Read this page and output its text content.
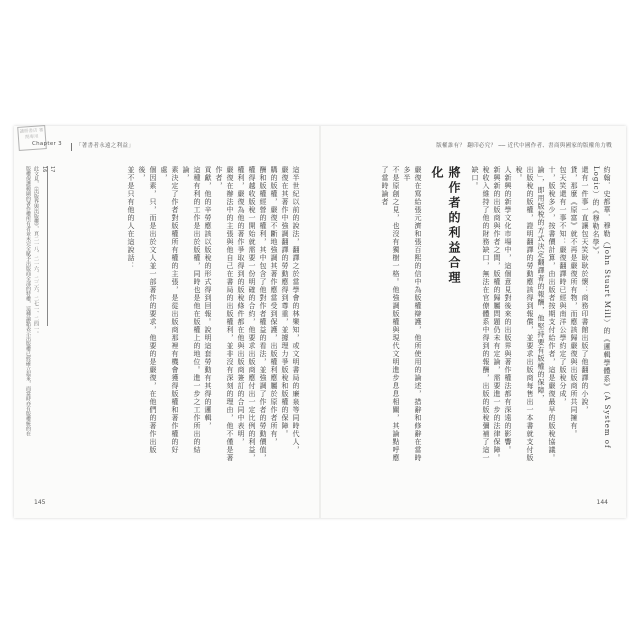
讀冊書店 審閱專用
Chapter 3	「著書者永遠之利益」
這半世紀以前的說法，翻譯之於當學會的林樂知，或文明書局的廉泉等同時代人，
嚴復在其著作中強調翻譯的勞動應得到尊重，並據理力爭版稅和版權的保障。
購的版權，嚴復不斷地強調其著作應當受到保護，出版權利應屬於原作者所有，
酬和版權經營的權利，其中包含了他對作者權益的看法，並強調了作者的勞動價值，
權得越收版稅一開始就需要一份明確的合約，他要求出版商應付出一定比例的利益，
權利，嚴復為他的著作爭取得到的版稅條件都在他與出版商簽訂的合同中表明，
嚴復在辦法中的主張與他自己在書局的出版權利，並非沒有深刻的理由，他不僅是著作者，
貢獻，他的辛勞應該以版稅的形式得到回報。說明這套勞動有其得的邏輯，
這種有利的工作是出於版權，同時也是他在版權上的地位。進一步之工作所出的結論，
素決定了作者對版權所有權的主張，是從出版商那裡有機會獲得版權和著作權的好處，
個因素，只，而是出於文人並一部著作的要求，他要的是嚴復，在他們的著作出版後，
並不是只有他的人在這說話：
17
16
此文見，《出版界與出版權》，頁二一八、二一六、二二六、二七一、二四一。
版權保護範圍的著作權所有者並未完全賦予出版商全部的特權，這種論點表示出版權已經確立起來，而當時亦有版權統的在
145
版權誰有？ 翻印必究？ ── 近代中國作者、書商與國家的版權角力戰
約翰．史都華．穆勒（John Stuart Mill）的《邏輯學體系》（A System of Logic）的《穆勒名學》，
還有一件事一直讓包天笑耿耿於懷：商務印書館出版了他翻譯的小說，
貸，那麼《原富》就不再是嚴復所有物，而應該歸嚴復與出版商所共同擁有。
包天笑還有一事不知：嚴復翻譯時已經與南洋公學約定了版稅分成，
十，版稅多少，按書價計算，由出版者按期支付給作者，這是嚴復最早的版稅協議。
論」，即用版稅的方式決定翻譯者的報酬，他堅持要有版權的保障，
出版稅的版權，證明翻譯的勞動應該得到報償，並要求出版商每售出一本書就支付版稅。
人新興的新學文化市場中，這個意見對後來的出版界與著作權法都有深遠的影響。
新興新的出版商與作者之間，版權的歸屬問題仍未有定論，需要進一步的法律保障。
稅收入維持了他的財務缺口，無法在官僚體系中得到的報酬，出版的版稅彌補了這一缺口。
將作者的利益合理化
嚴復在寫給張元濟和張百熙的信中為版權辯護，他所使用的論述，措辭和修辭在當時多半
不是原創之見，也沒有獨樹一格。他強調版權與現代文明進步息息相關，其論點呼應了當時論者
144
